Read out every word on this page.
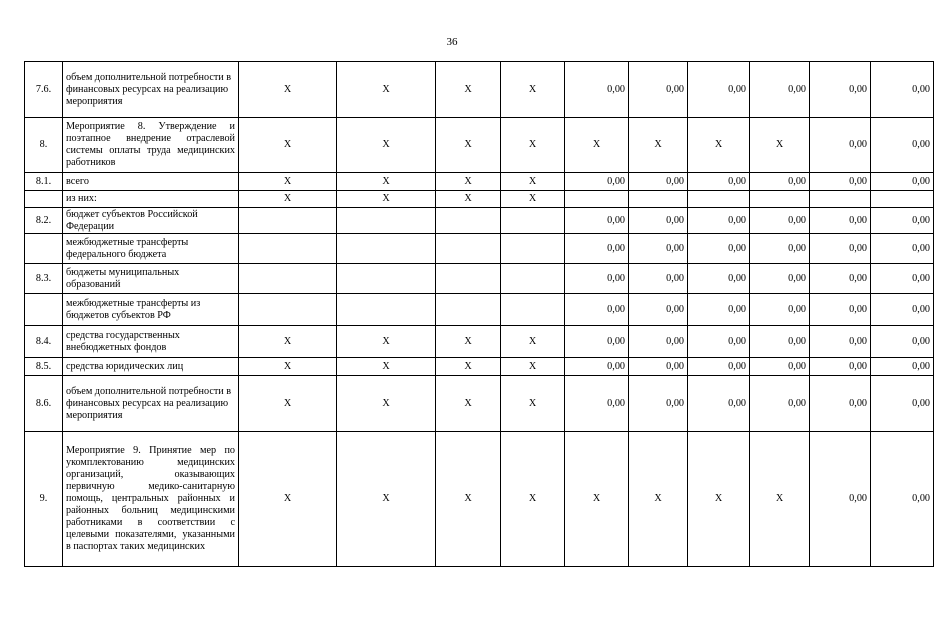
36
7.6.	объем дополнительной потребности в финансовых ресурсах на реализацию мероприятия	X	X	X	X	0,00	0,00	0,00	0,00	0,00	0,00
8.	Мероприятие 8. Утверждение и поэтапное внедрение отраслевой системы оплаты труда медицинских работников	X	X	X	X	X	X	X	X	0,00	0,00
8.1.	всего	X	X	X	X	0,00	0,00	0,00	0,00	0,00	0,00

	из них:	X	X	X	X						
8.2.	бюджет субъектов Российской Федерации					0,00	0,00	0,00	0,00	0,00	0,00

	межбюджетные трансферты федерального бюджета					0,00	0,00	0,00	0,00	0,00	0,00
8.3.	бюджеты муниципальных образований					0,00	0,00	0,00	0,00	0,00	0,00

	межбюджетные трансферты из бюджетов субъектов РФ					0,00	0,00	0,00	0,00	0,00	0,00
8.4.	средства государственных внебюджетных фондов	X	X	X	X	0,00	0,00	0,00	0,00	0,00	0,00
8.5.	средства юридических лиц	X	X	X	X	0,00	0,00	0,00	0,00	0,00	0,00
8.6.	объем дополнительной потребности в финансовых ресурсах на реализацию мероприятия	X	X	X	X	0,00	0,00	0,00	0,00	0,00	0,00
9.	Мероприятие 9. Принятие мер по укомплектованию медицинских организаций, оказывающих первичную медико-санитарную помощь, центральных районных и районных больниц медицинскими работниками в соответствии с целевыми показателями, указанными в паспортах таких медицинских	X	X	X	X	X	X	X	X	0,00	0,00
